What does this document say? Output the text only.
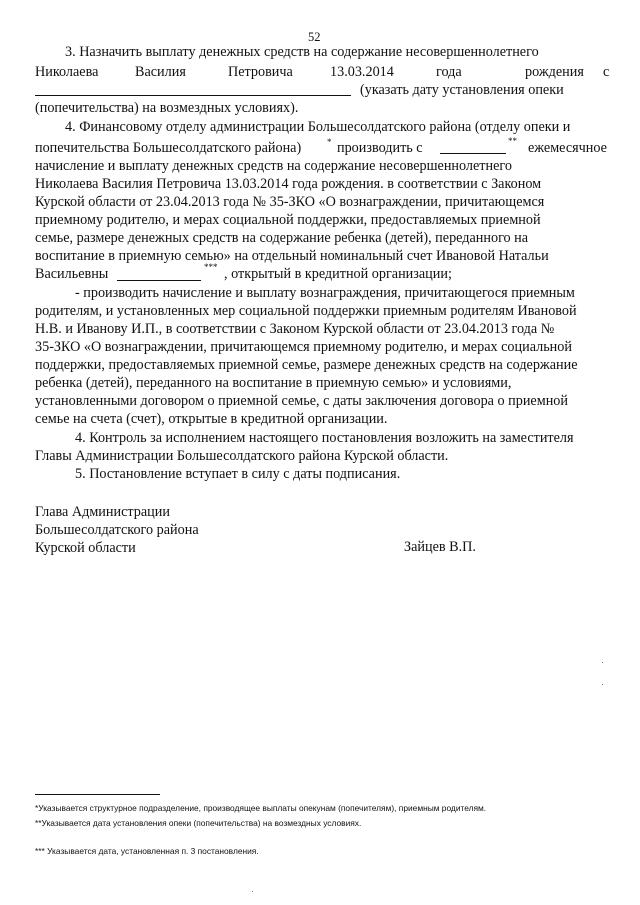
52
3. Назначить выплату денежных средств на содержание несовершеннолетнего
Николаева	Василия	Петровича	13.03.2014	года	рождения с
(указать дату установления опеки
(попечительства) на возмездных условиях).
4. Финансовому отделу администрации Большесолдатского района (отделу опеки и
попечительства Большесолдатского района)	* производить с	** ежемесячное
начисление и выплату денежных средств на содержание несовершеннолетнего
Николаева Василия Петровича 13.03.2014 года рождения. в соответствии с Законом
Курской области от 23.04.2013 года № 35-ЗКО «О вознаграждении, причитающемся
приемному родителю, и мерах социальной поддержки, предоставляемых приемной
семье, размере денежных средств на содержание ребенка (детей), переданного на
воспитание в приемную семью» на отдельный номинальный счет Ивановой Натальи
Васильевны	*** , открытый в кредитной организации;
- производить начисление и выплату вознаграждения, причитающегося приемным
родителям, и установленных мер социальной поддержки приемным родителям Ивановой
Н.В. и Иванову И.П., в соответствии с Законом Курской области от 23.04.2013 года №
35-ЗКО «О вознаграждении, причитающемся приемному родителю, и мерах социальной
поддержки, предоставляемых приемной семье, размере денежных средств на содержание
ребенка (детей), переданного на воспитание в приемную семью» и условиями,
установленными договором о приемной семье, с даты заключения договора о приемной
семье на счета (счет), открытые в кредитной организации.
4. Контроль за исполнением настоящего постановления возложить на заместителя
Главы Администрации Большесолдатского района Курской области.
5. Постановление вступает в силу с даты подписания.
Глава Администрации
Большесолдатского района
Курской области	Зайцев В.П.
*Указывается структурное подразделение, производящее выплаты опекунам (попечителям), приемным родителям.
**Указывается дата установления опеки (попечительства) на возмездных условиях.
*** Указывается дата, установленная п. 3 постановления.
